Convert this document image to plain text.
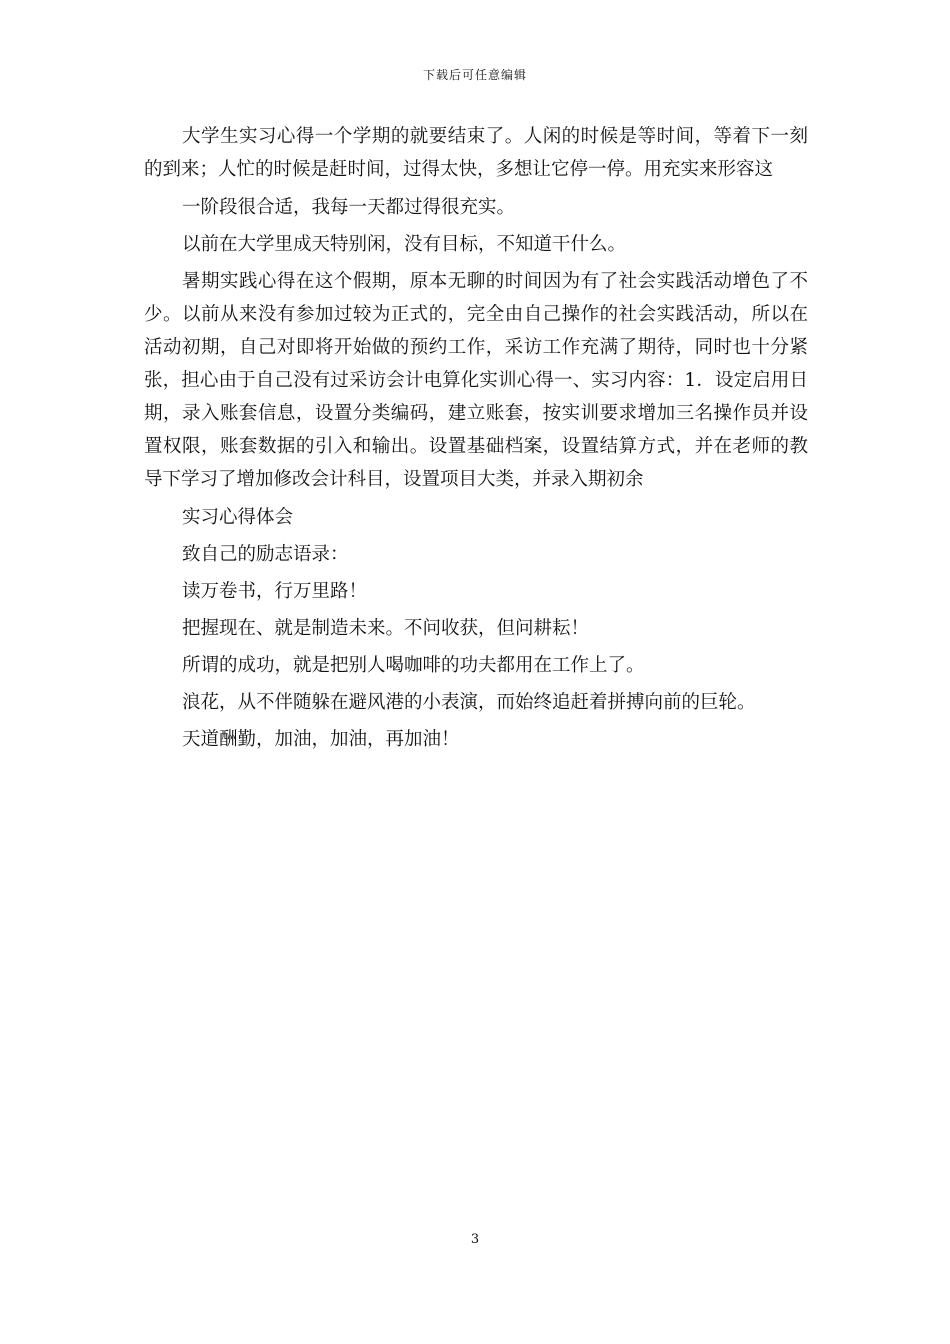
下载后可任意编辑

大学生实习心得一个学期的就要结束了。人闲的时候是等时间，等着下一刻的到来；人忙的时候是赶时间，过得太快，多想让它停一停。用充实来形容这

一阶段很合适，我每一天都过得很充实。

以前在大学里成天特别闲，没有目标，不知道干什么。

暑期实践心得在这个假期，原本无聊的时间因为有了社会实践活动增色了不少。以前从来没有参加过较为正式的，完全由自己操作的社会实践活动，所以在活动初期，自己对即将开始做的预约工作，采访工作充满了期待，同时也十分紧张，担心由于自己没有过采访会计电算化实训心得一、实习内容：1．设定启用日期，录入账套信息，设置分类编码，建立账套，按实训要求增加三名操作员并设置权限，账套数据的引入和输出。设置基础档案，设置结算方式，并在老师的教导下学习了增加修改会计科目，设置项目大类，并录入期初余

实习心得体会

致自己的励志语录：

读万卷书，行万里路！

把握现在、就是制造未来。不问收获，但问耕耘！

所谓的成功，就是把别人喝咖啡的功夫都用在工作上了。

浪花，从不伴随躲在避风港的小表演，而始终追赶着拼搏向前的巨轮。

天道酬勤，加油，加油，再加油！

3
